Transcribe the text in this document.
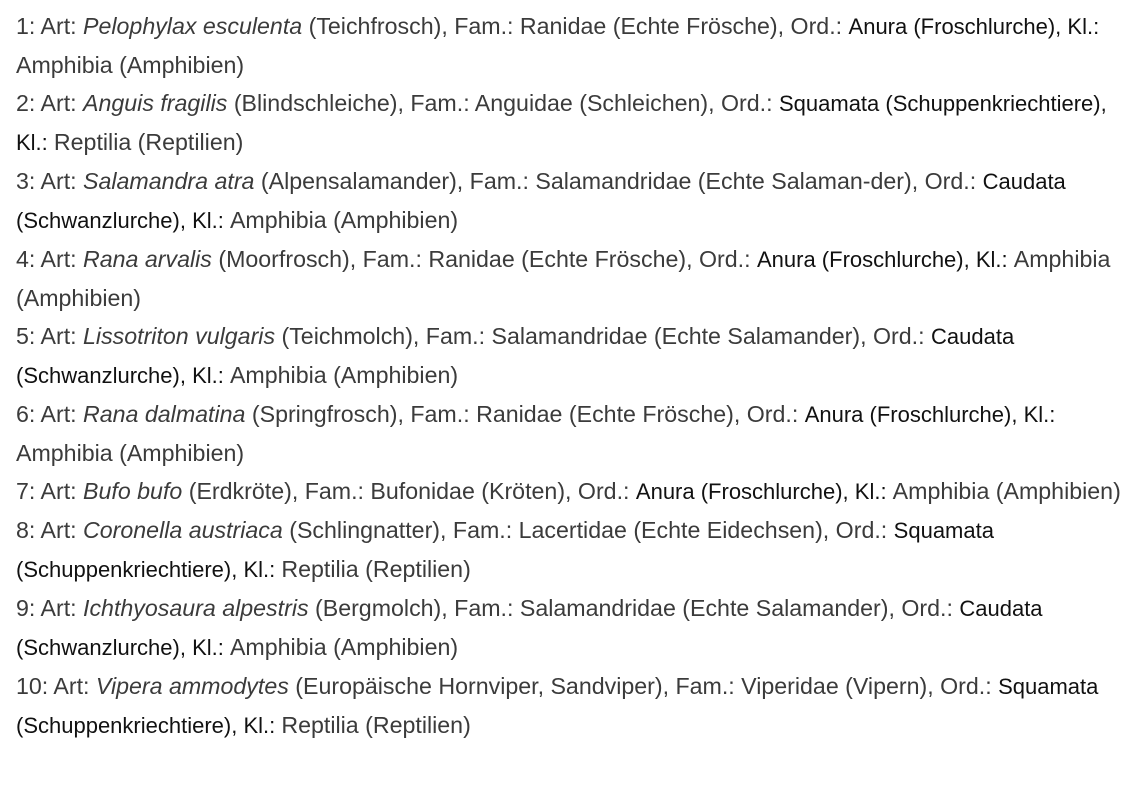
1: Art: Pelophylax esculenta (Teichfrosch), Fam.: Ranidae (Echte Frösche), Ord.: Anura (Froschlurche), Kl.: Amphibia (Amphibien)

2: Art: Anguis fragilis (Blindschleiche), Fam.: Anguidae (Schleichen), Ord.: Squamata (Schuppenkriechtiere), Kl.: Reptilia (Reptilien)

3: Art: Salamandra atra (Alpensalamander), Fam.: Salamandridae (Echte Salaman-der), Ord.: Caudata (Schwanzlurche), Kl.: Amphibia (Amphibien)

4: Art: Rana arvalis (Moorfrosch), Fam.: Ranidae (Echte Frösche), Ord.: Anura (Froschlurche), Kl.: Amphibia (Amphibien)

5: Art: Lissotriton vulgaris (Teichmolch), Fam.: Salamandridae (Echte Salamander), Ord.: Caudata (Schwanzlurche), Kl.: Amphibia (Amphibien)

6: Art: Rana dalmatina (Springfrosch), Fam.: Ranidae (Echte Frösche), Ord.: Anura (Froschlurche), Kl.: Amphibia (Amphibien)

7: Art: Bufo bufo (Erdkröte), Fam.: Bufonidae (Kröten), Ord.: Anura (Froschlurche), Kl.: Amphibia (Amphibien)

8: Art: Coronella austriaca (Schlingnatter), Fam.: Lacertidae (Echte Eidechsen), Ord.: Squamata (Schuppenkriechtiere), Kl.: Reptilia (Reptilien)

9: Art: Ichthyosaura alpestris (Bergmolch), Fam.: Salamandridae (Echte Salamander), Ord.: Caudata (Schwanzlurche), Kl.: Amphibia (Amphibien)

10: Art: Vipera ammodytes (Europäische Hornviper, Sandviper), Fam.: Viperidae (Vipern), Ord.: Squamata (Schuppenkriechtiere), Kl.: Reptilia (Reptilien)
